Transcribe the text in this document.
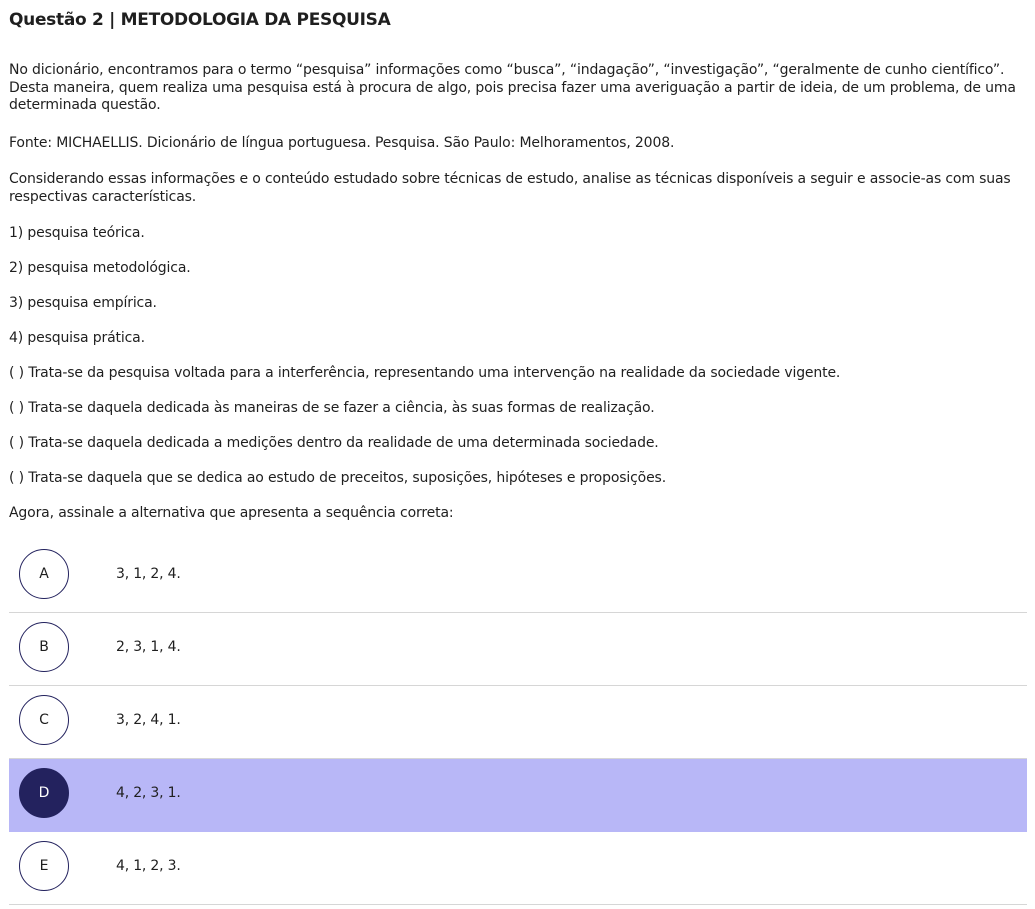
Questão 2 | METODOLOGIA DA PESQUISA
No dicionário, encontramos para o termo “pesquisa” informações como “busca”, “indagação”, “investigação”, “geralmente de cunho científico”. Desta maneira, quem realiza uma pesquisa está à procura de algo, pois precisa fazer uma averiguação a partir de ideia, de um problema, de uma determinada questão.
Fonte: MICHAELLIS. Dicionário de língua portuguesa. Pesquisa. São Paulo: Melhoramentos, 2008.
Considerando essas informações e o conteúdo estudado sobre técnicas de estudo, analise as técnicas disponíveis a seguir e associe-as com suas respectivas características.
1) pesquisa teórica.
2) pesquisa metodológica.
3) pesquisa empírica.
4) pesquisa prática.
( ) Trata-se da pesquisa voltada para a interferência, representando uma intervenção na realidade da sociedade vigente.
( ) Trata-se daquela dedicada às maneiras de se fazer a ciência, às suas formas de realização.
( ) Trata-se daquela dedicada a medições dentro da realidade de uma determinada sociedade.
( ) Trata-se daquela que se dedica ao estudo de preceitos, suposições, hipóteses e proposições.
Agora, assinale a alternativa que apresenta a sequência correta:
A	3, 1, 2, 4.
B	2, 3, 1, 4.
C	3, 2, 4, 1.
D	4, 2, 3, 1.
E	4, 1, 2, 3.
